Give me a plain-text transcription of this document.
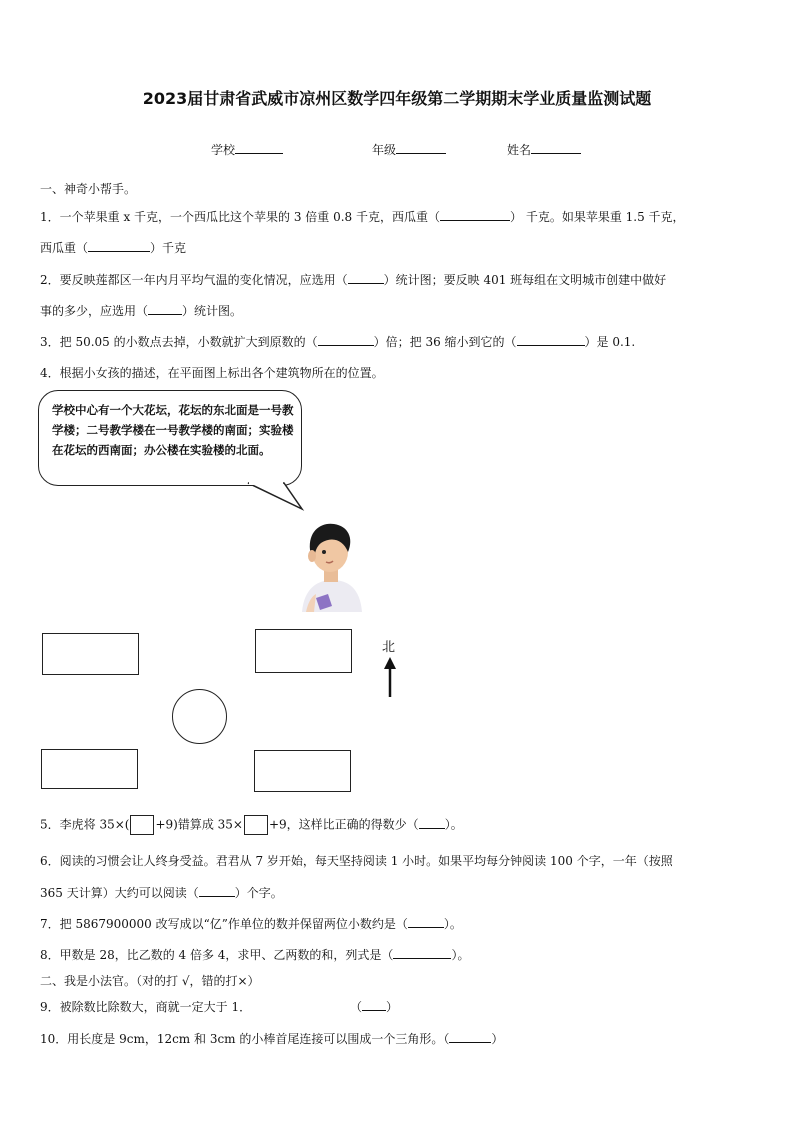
2023届甘肃省武威市凉州区数学四年级第二学期期末学业质量监测试题
学校	年级	姓名
一、神奇小帮手。
1．一个苹果重 x 千克，一个西瓜比这个苹果的 3 倍重 0.8 千克，西瓜重（	） 千克。如果苹果重 1.5 千克，
西瓜重（	）千克
2．要反映莲都区一年内月平均气温的变化情况，应选用（	）统计图；要反映 401 班每组在文明城市创建中做好
事的多少，应选用（	）统计图。
3．把 50.05 的小数点去掉，小数就扩大到原数的（	）倍；把 36 缩小到它的（	）是 0.1.
4．根据小女孩的描述，在平面图上标出各个建筑物所在的位置。
学校中心有一个大花坛，花坛的东北面是一号教学楼；二号教学楼在一号教学楼的南面；实验楼在花坛的西南面；办公楼在实验楼的北面。
北
5．李虎将 35×( +9)错算成 35× +9，这样比正确的得数少（ ）。
6．阅读的习惯会让人终身受益。君君从 7 岁开始，每天坚持阅读 1 小时。如果平均每分钟阅读 100 个字，一年（按照
365 天计算）大约可以阅读（	）个字。
7．把 5867900000 改写成以“亿”作单位的数并保留两位小数约是（	）。
8．甲数是 28，比乙数的 4 倍多 4，求甲、乙两数的和，列式是（	）。
二、我是小法官。（对的打 √，错的打×）
9．被除数比除数大，商就一定大于 1．	（ ）
10．用长度是 9cm，12cm 和 3cm 的小棒首尾连接可以围成一个三角形。（	）
